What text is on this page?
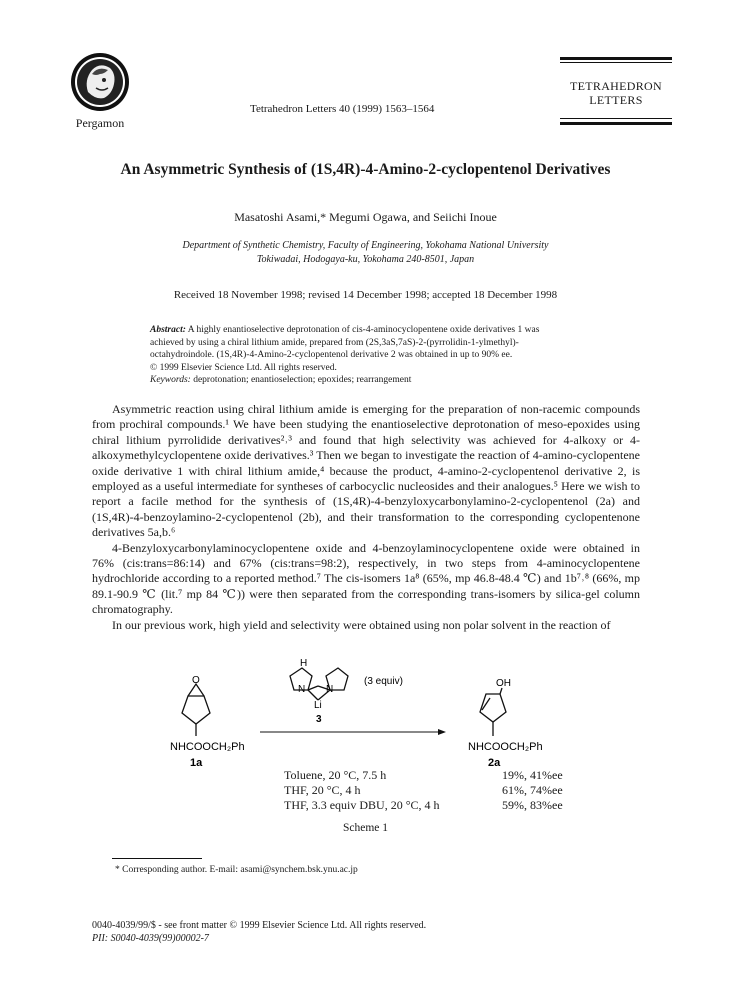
Pergamon
Tetrahedron Letters 40 (1999) 1563–1564
TETRAHEDRON
LETTERS
An Asymmetric Synthesis of (1S,4R)-4-Amino-2-cyclopentenol Derivatives
Masatoshi Asami,* Megumi Ogawa, and Seiichi Inoue
Department of Synthetic Chemistry, Faculty of Engineering, Yokohama National University
Tokiwadai, Hodogaya-ku, Yokohama 240-8501, Japan
Received 18 November 1998; revised 14 December 1998; accepted 18 December 1998
Abstract: A highly enantioselective deprotonation of cis-4-aminocyclopentene oxide derivatives 1 was
achieved by using a chiral lithium amide, prepared from (2S,3aS,7aS)-2-(pyrrolidin-1-ylmethyl)-
octahydroindole. (1S,4R)-4-Amino-2-cyclopentenol derivative 2 was obtained in up to 90% ee.
© 1999 Elsevier Science Ltd. All rights reserved.
Keywords: deprotonation; enantioselection; epoxides; rearrangement

Asymmetric reaction using chiral lithium amide is emerging for the preparation of non-racemic compounds from prochiral compounds.¹ We have been studying the enantioselective deprotonation of meso-epoxides using chiral lithium pyrrolidide derivatives²˒³ and found that high selectivity was achieved for 4-alkoxy or 4-alkoxymethylcyclopentene oxide derivatives.³ Then we began to investigate the reaction of 4-amino-cyclopentene oxide derivative 1 with chiral lithium amide,⁴ because the product, 4-amino-2-cyclopentenol derivative 2, is employed as a useful intermediate for syntheses of carbocyclic nucleosides and their analogues.⁵ Here we wish to report a facile method for the synthesis of (1S,4R)-4-benzyloxycarbonylamino-2-cyclopentenol (2a) and (1S,4R)-4-benzoylamino-2-cyclopentenol (2b), and their transformation to the corresponding cyclopentenone derivatives 5a,b.⁶

4-Benzyloxycarbonylaminocyclopentene oxide and 4-benzoylaminocyclopentene oxide were obtained in 76% (cis:trans=86:14) and 67% (cis:trans=98:2), respectively, in two steps from 4-aminocyclopentene hydrochloride according to a reported method.⁷ The cis-isomers 1a⁸ (65%, mp 46.8-48.4 ℃) and 1b⁷˒⁸ (66%, mp 89.1-90.9 ℃ (lit.⁷ mp 84 ℃)) were then separated from the corresponding trans-isomers by silica-gel column chromatography.

In our previous work, high yield and selectivity were obtained using non polar solvent in the reaction of

O
NHCOOCH₂Ph
1a
H
N N
Li
(3 equiv)
3
OH
NHCOOCH₂Ph
2a
Toluene, 20 °C, 7.5 h	19%, 41%ee
THF, 20 °C, 4 h	61%, 74%ee
THF, 3.3 equiv DBU, 20 °C, 4 h	59%, 83%ee
Scheme 1
* Corresponding author. E-mail: asami@synchem.bsk.ynu.ac.jp
0040-4039/99/$ - see front matter © 1999 Elsevier Science Ltd. All rights reserved.
PII: S0040-4039(99)00002-7
